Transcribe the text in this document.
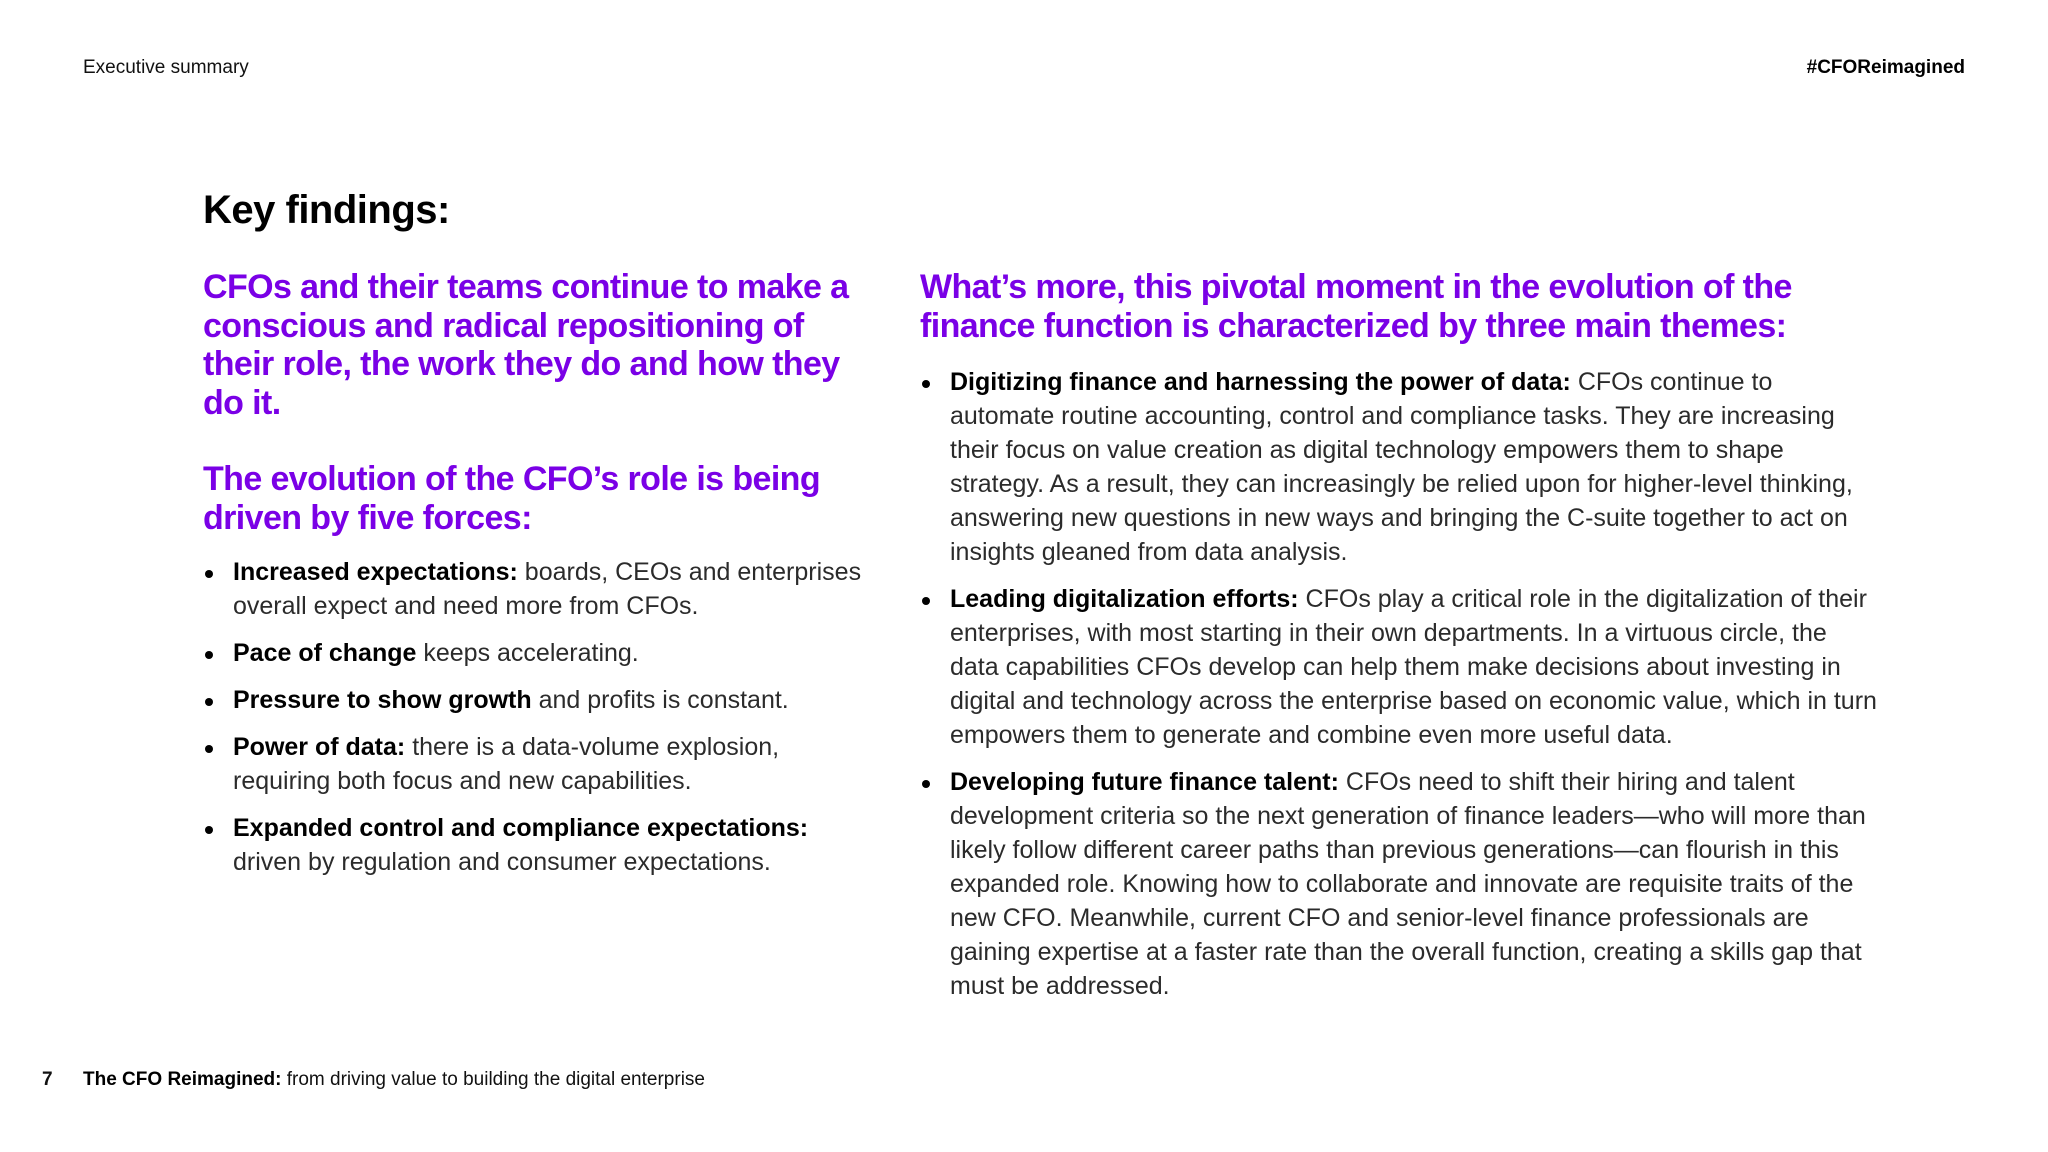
Executive summary	#CFOReimagined
Key findings:

CFOs and their teams continue to make a conscious and radical repositioning of their role, the work they do and how they do it.

The evolution of the CFO’s role is being driven by five forces:

Increased expectations: boards, CEOs and enterprises overall expect and need more from CFOs.
Pace of change keeps accelerating.
Pressure to show growth and profits is constant.
Power of data: there is a data-volume explosion, requiring both focus and new capabilities.
Expanded control and compliance expectations: driven by regulation and consumer expectations.

What’s more, this pivotal moment in the evolution of the finance function is characterized by three main themes:

Digitizing finance and harnessing the power of data: CFOs continue to automate routine accounting, control and compliance tasks. They are increasing their focus on value creation as digital technology empowers them to shape strategy. As a result, they can increasingly be relied upon for higher-level thinking, answering new questions in new ways and bringing the C-suite together to act on insights gleaned from data analysis.
Leading digitalization efforts: CFOs play a critical role in the digitalization of their enterprises, with most starting in their own departments. In a virtuous circle, the data capabilities CFOs develop can help them make decisions about investing in digital and technology across the enterprise based on economic value, which in turn empowers them to generate and combine even more useful data.
Developing future finance talent: CFOs need to shift their hiring and talent development criteria so the next generation of finance leaders—who will more than likely follow different career paths than previous generations—can flourish in this expanded role. Knowing how to collaborate and innovate are requisite traits of the new CFO. Meanwhile, current CFO and senior-level finance professionals are gaining expertise at a faster rate than the overall function, creating a skills gap that must be addressed.
7 The CFO Reimagined: from driving value to building the digital enterprise
